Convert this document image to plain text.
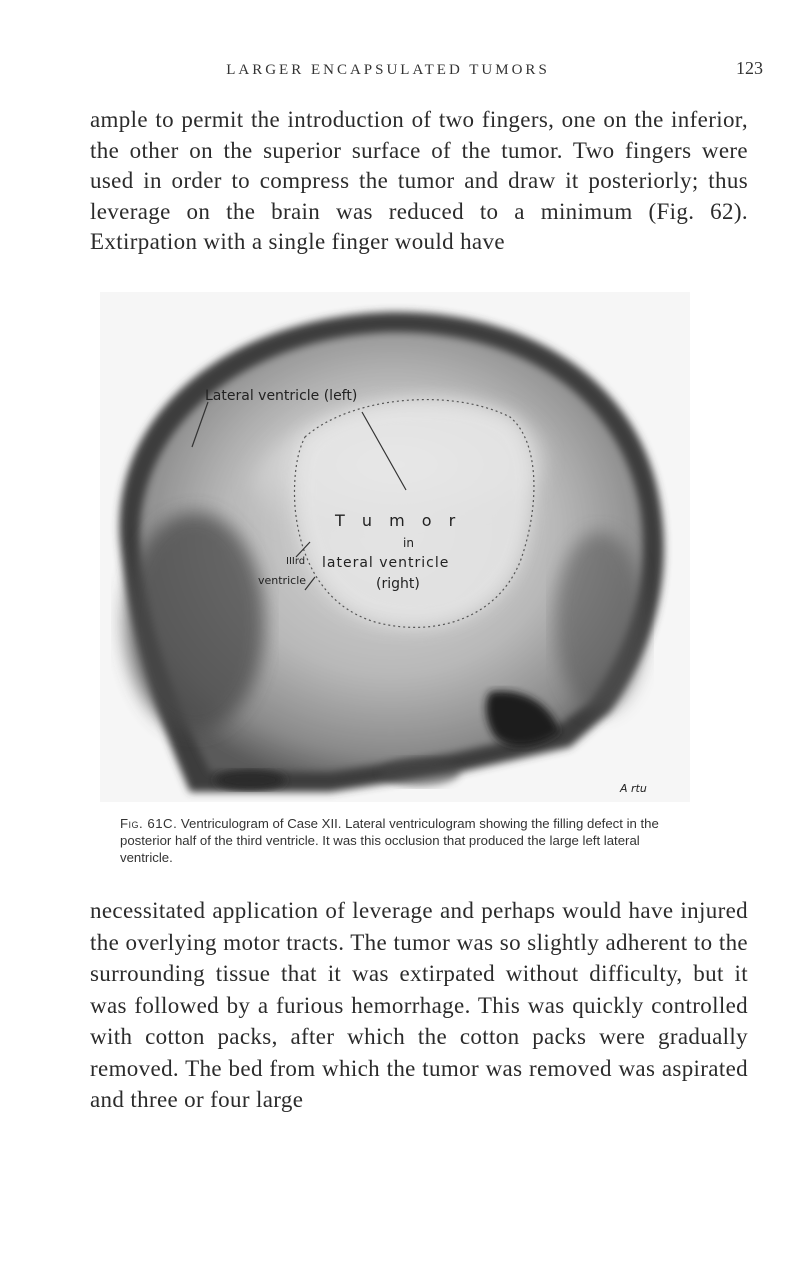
LARGER ENCAPSULATED TUMORS	123

ample to permit the introduction of two fingers, one on the inferior, the other on the superior surface of the tumor. Two fingers were used in order to compress the tumor and draw it posteriorly; thus leverage on the brain was reduced to a minimum (Fig. 62). Extirpation with a single finger would have

Lateral ventricle (left)
T u m o r
in
lateral ventricle
(right)
IIIrd
ventricle
A rtu

Fig. 61C. Ventriculogram of Case XII. Lateral ventriculogram showing the filling defect in the posterior half of the third ventricle. It was this occlusion that produced the large left lateral ventricle.

necessitated application of leverage and perhaps would have injured the overlying motor tracts. The tumor was so slightly adherent to the surrounding tissue that it was extirpated without difficulty, but it was followed by a furious hemorrhage. This was quickly controlled with cotton packs, after which the cotton packs were gradually removed. The bed from which the tumor was removed was aspirated and three or four large
